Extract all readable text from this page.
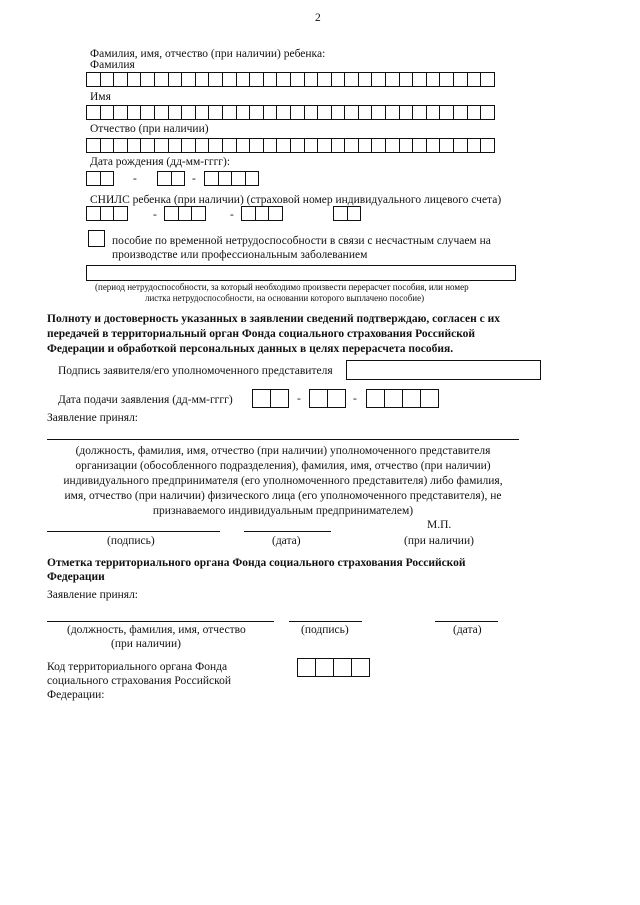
2
Фамилия, имя, отчество (при наличии) ребенка:
Фамилия
Имя
Отчество (при наличии)
Дата рождения (дд-мм-гггг):
-	-
СНИЛС ребенка (при наличии) (страховой номер индивидуального лицевого счета)
-	-
пособие по временной нетрудоспособности в связи с несчастным случаем на
производстве или профессиональным заболеванием
(период нетрудоспособности, за который необходимо произвести перерасчет пособия, или номер
листка нетрудоспособности, на основании которого выплачено пособие)
Полноту и достоверность указанных в заявлении сведений подтверждаю, согласен с их
передачей в территориальный орган Фонда социального страхования Российской
Федерации и обработкой персональных данных в целях перерасчета пособия.
Подпись заявителя/его уполномоченного представителя
Дата подачи заявления (дд-мм-гггг)	-	-
Заявление принял:
(должность, фамилия, имя, отчество (при наличии) уполномоченного представителя
организации (обособленного подразделения), фамилия, имя, отчество (при наличии)
индивидуального предпринимателя (его уполномоченного представителя) либо фамилия,
имя, отчество (при наличии) физического лица (его уполномоченного представителя), не
признаваемого индивидуальным предпринимателем)
М.П.
(подпись)	(дата)	(при наличии)
Отметка территориального органа Фонда социального страхования Российской
Федерации
Заявление принял:
(должность, фамилия, имя, отчество
(при наличии)
(подпись)	(дата)
Код территориального органа Фонда
социального страхования Российской
Федерации:
